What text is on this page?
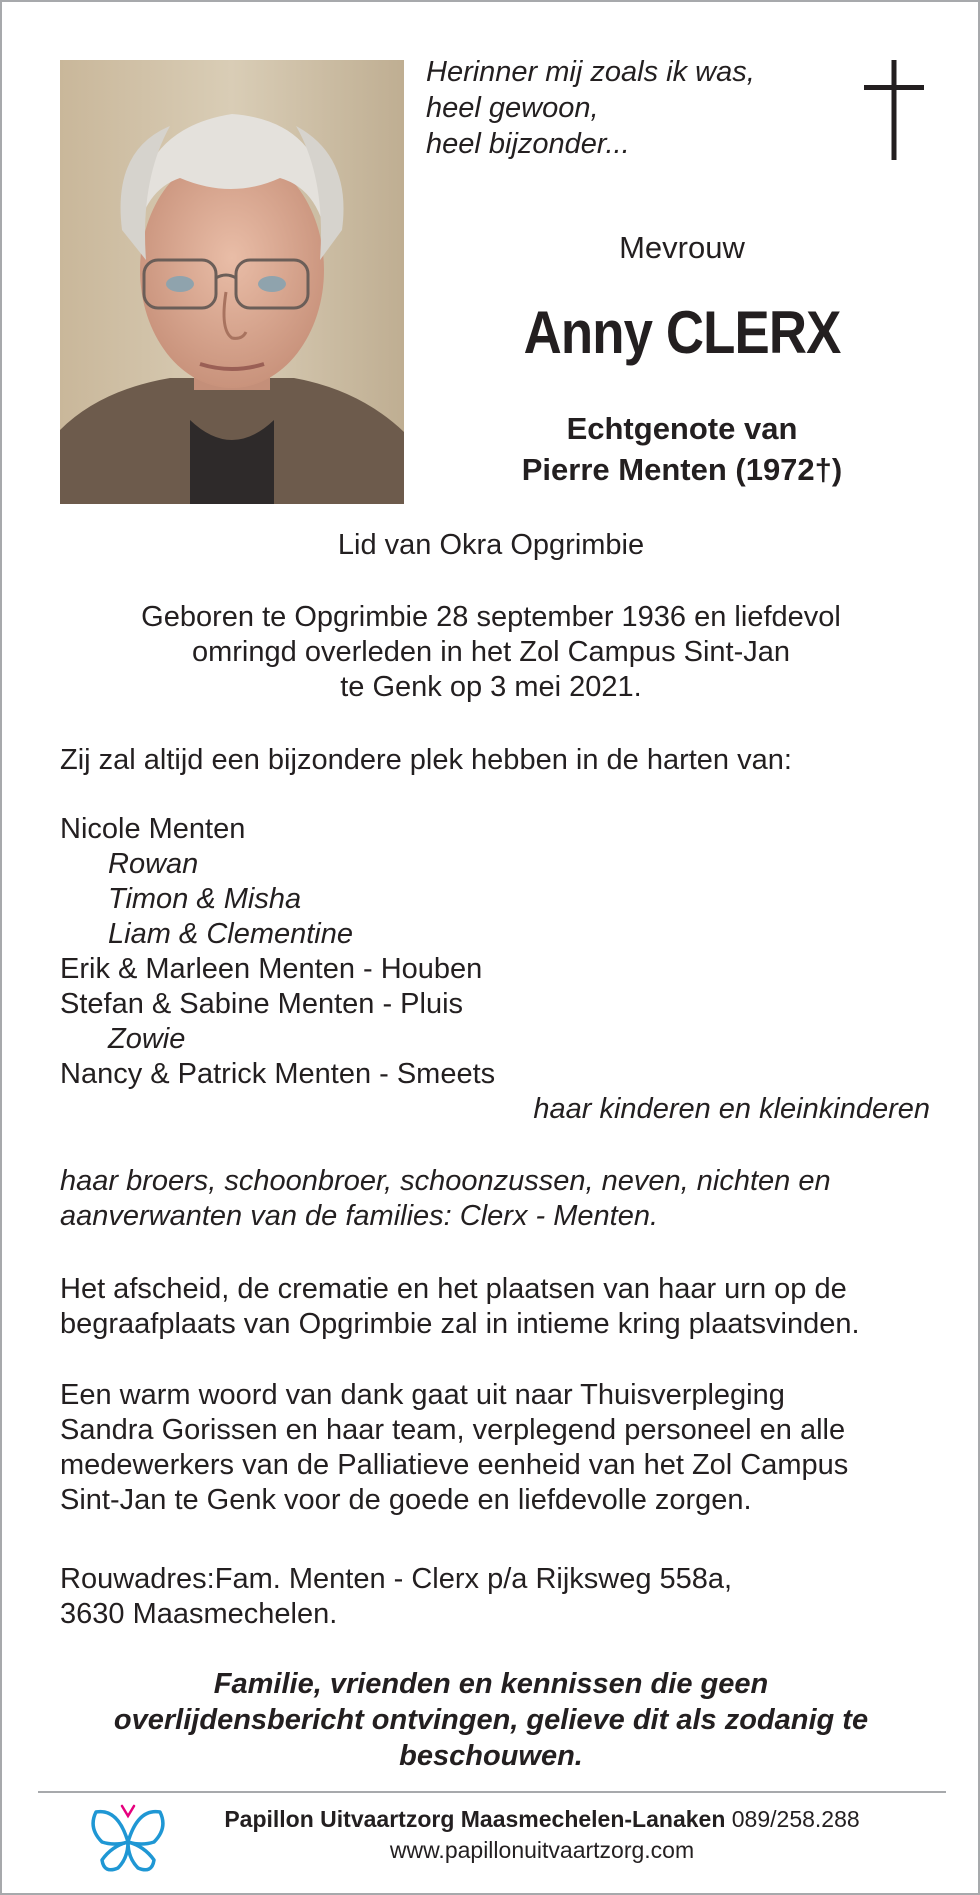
Herinner mij zoals ik was,
heel gewoon,
heel bijzonder...
Mevrouw
Anny CLERX
Echtgenote van
Pierre Menten (1972†)
Lid van Okra Opgrimbie
Geboren te Opgrimbie 28 september 1936 en liefdevol
omringd overleden in het Zol Campus Sint-Jan
te Genk op 3 mei 2021.
Zij zal altijd een bijzondere plek hebben in de harten van:
Nicole Menten
Rowan
Timon & Misha
Liam & Clementine
Erik & Marleen Menten - Houben
Stefan & Sabine Menten - Pluis
Zowie
Nancy & Patrick Menten - Smeets
haar kinderen en kleinkinderen
haar broers, schoonbroer, schoonzussen, neven, nichten en
aanverwanten van de families: Clerx - Menten.
Het afscheid, de crematie en het plaatsen van haar urn op de
begraafplaats van Opgrimbie zal in intieme kring plaatsvinden.
Een warm woord van dank gaat uit naar Thuisverpleging
Sandra Gorissen en haar team, verplegend personeel en alle
medewerkers van de Palliatieve eenheid van het Zol Campus
Sint-Jan te Genk voor de goede en liefdevolle zorgen.
Rouwadres:Fam. Menten - Clerx p/a Rijksweg 558a,
3630 Maasmechelen.
Familie, vrienden en kennissen die geen
overlijdensbericht ontvingen, gelieve dit als zodanig te
beschouwen.
Papillon Uitvaartzorg Maasmechelen-Lanaken 089/258.288
www.papillonuitvaartzorg.com
